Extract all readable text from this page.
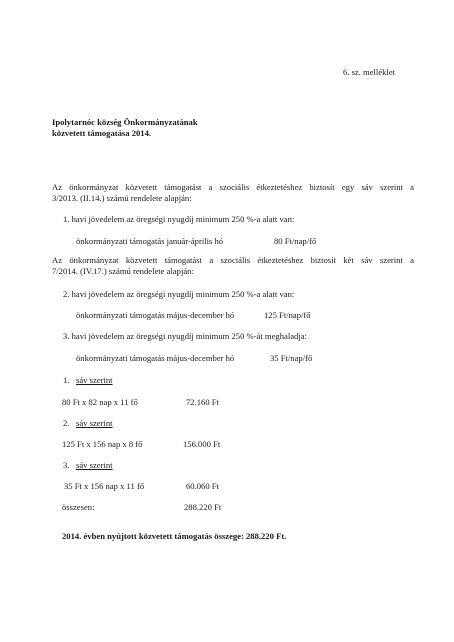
6. sz. melléklet
Ipolytarnóc község Önkormányzatának
közvetett támogatása 2014.
Az önkormányzat közvetett támogatást a szociális étkeztetéshez biztosít egy sáv szerint a
3/2013. (II.14.) számú rendelete alapján:
1. havi jövedelem az öregségi nyugdíj minimum 250 %-a alatt van:
önkormányzati támogatás január-április hó	80 Ft/nap/fő
Az önkormányzat közvetett támogatást a szociális étkeztetéshez biztosít két sáv szerint a
7/2014. (IV.17.) számú rendelete alapján:
2. havi jövedelem az öregségi nyugdíj minimum 250 %-a alatt van:
önkormányzati támogatás május-december hó	125 Ft/nap/fő
3. havi jövedelem az öregségi nyugdíj minimum 250 %-át meghaladja:
önkormányzati támogatás május-december hó	35 Ft/nap/fő
1. sáv szerint
80 Ft x 82 nap x 11 fő	72.160 Ft
2. sáv szerint
125 Ft x 156 nap x 8 fő	156.000 Ft
3. sáv szerint
35 Ft x 156 nap x 11 fő	60.060 Ft
összesen:	288.220 Ft
2014. évben nyújtott közvetett támogatás összege: 288.220 Ft.
